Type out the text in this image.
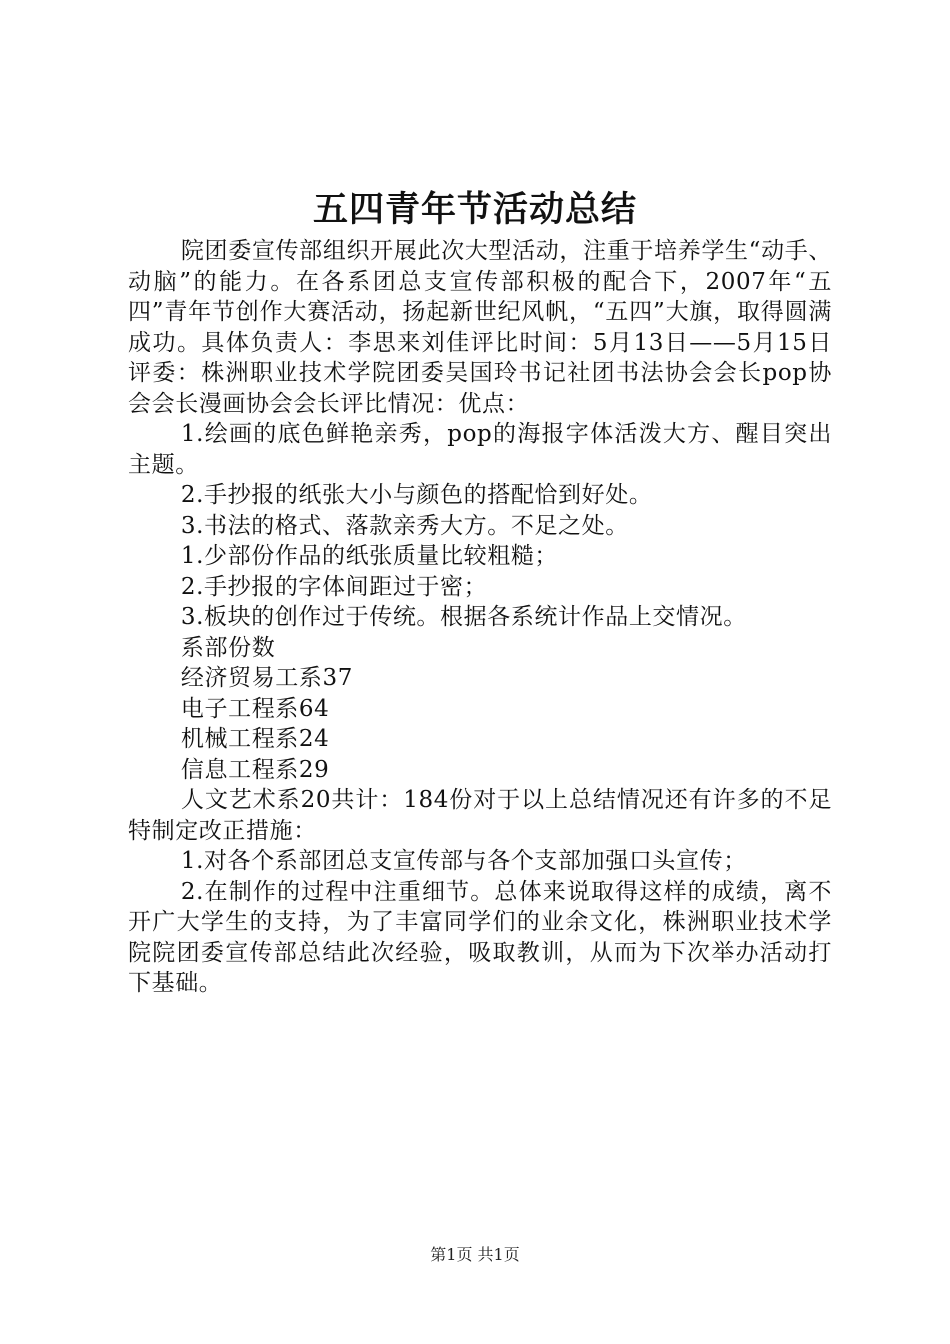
五四青年节活动总结

院团委宣传部组织开展此次大型活动，注重于培养学生“动手、动脑”的能力。在各系团总支宣传部积极的配合下，2007年“五四”青年节创作大赛活动，扬起新世纪风帆，“五四”大旗，取得圆满成功。具体负责人：李思来刘佳评比时间：5月13日——5月15日评委：株洲职业技术学院团委吴国玲书记社团书法协会会长pop协会会长漫画协会会长评比情况：优点：

1.绘画的底色鲜艳亲秀，pop的海报字体活泼大方、醒目突出主题。

2.手抄报的纸张大小与颜色的搭配恰到好处。

3.书法的格式、落款亲秀大方。不足之处。

1.少部份作品的纸张质量比较粗糙；

2.手抄报的字体间距过于密；

3.板块的创作过于传统。根据各系统计作品上交情况。

系部份数

经济贸易工系37

电子工程系64

机械工程系24

信息工程系29

人文艺术系20共计：184份对于以上总结情况还有许多的不足特制定改正措施：

1.对各个系部团总支宣传部与各个支部加强口头宣传；

2.在制作的过程中注重细节。总体来说取得这样的成绩，离不开广大学生的支持，为了丰富同学们的业余文化，株洲职业技术学院院团委宣传部总结此次经验，吸取教训，从而为下次举办活动打下基础。

第1页 共1页
